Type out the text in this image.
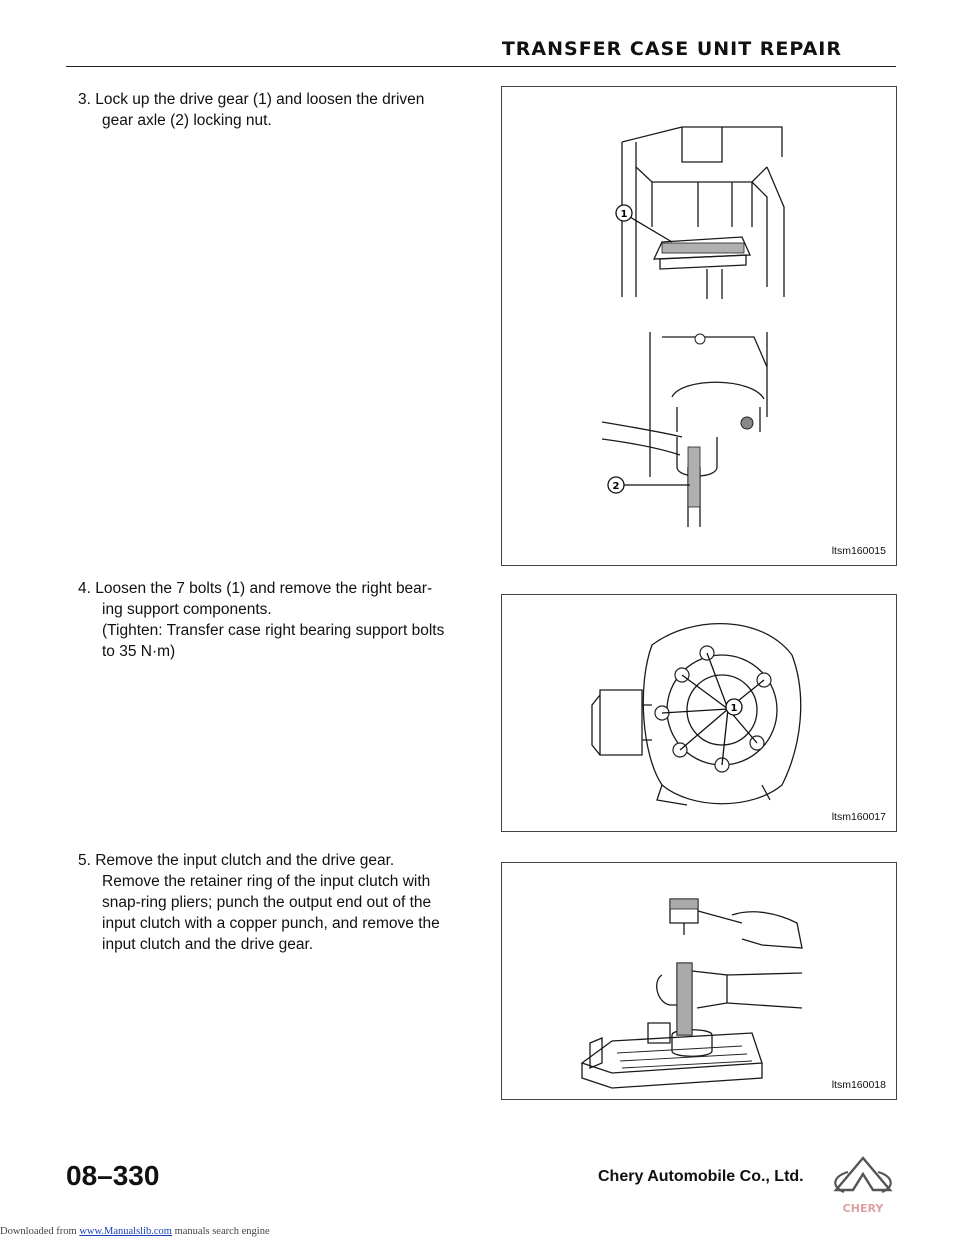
TRANSFER CASE UNIT REPAIR
3. Lock up the drive gear (1) and loosen the driven
gear axle (2) locking nut.
1
2
ltsm160015
4. Loosen the 7 bolts (1) and remove the right bear-
ing support components.
(Tighten: Transfer case right bearing support bolts
to 35 N·m)
1
ltsm160017
5. Remove the input clutch and the drive gear.
Remove the retainer ring of the input clutch with
snap-ring pliers; punch the output end out of the
input clutch with a copper punch, and remove the
input clutch and the drive gear.
ltsm160018
08–330	Chery Automobile Co., Ltd.
CHERY
Downloaded from www.Manualslib.com manuals search engine
